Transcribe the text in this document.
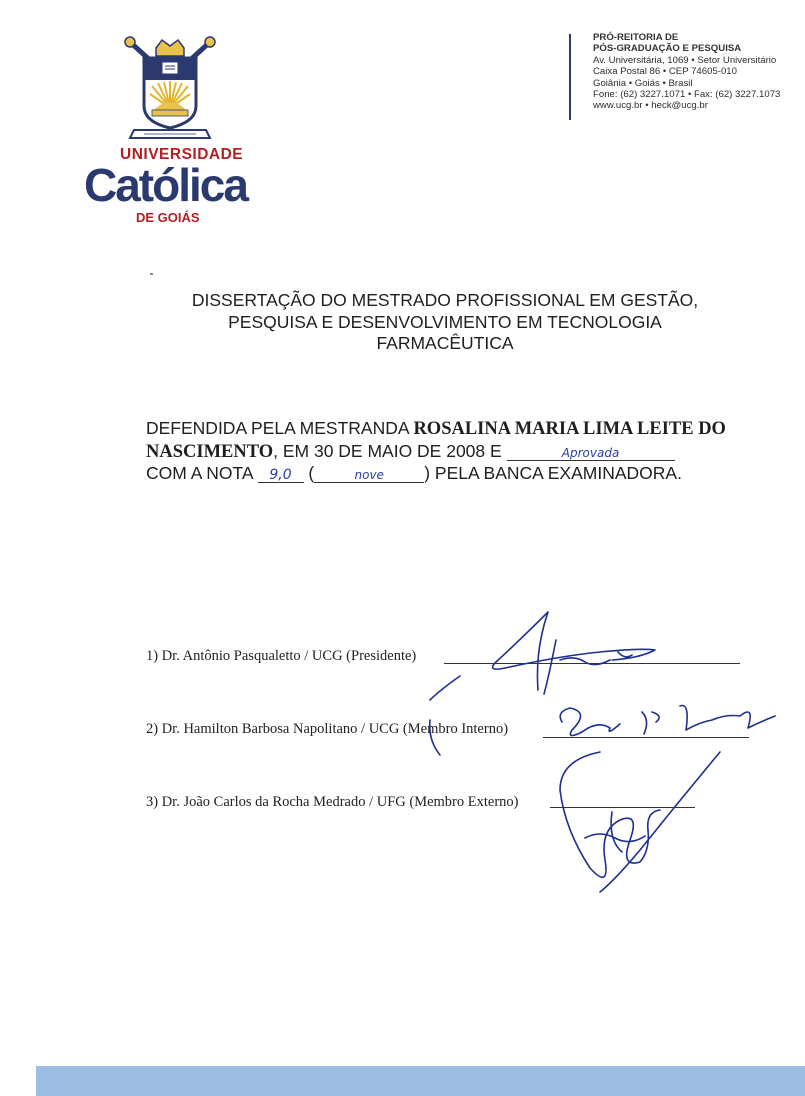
UNIVERSIDADE
Católica
DE GOIÁS
PRÓ-REITORIA DE
PÓS-GRADUAÇÃO E PESQUISA
Av. Universitária, 1069 • Setor Universitário
Caixa Postal 86 • CEP 74605-010
Goiânia • Goiás • Brasil
Fone: (62) 3227.1071 • Fax: (62) 3227.1073
www.ucg.br • heck@ucg.br
DISSERTAÇÃO DO MESTRADO PROFISSIONAL EM GESTÃO,
PESQUISA E DESENVOLVIMENTO EM TECNOLOGIA
FARMACÊUTICA
DEFENDIDA PELA MESTRANDA ROSALINA MARIA LIMA LEITE DO NASCIMENTO, EM 30 DE MAIO DE 2008 E	Aprovada
COM A NOTA 9,0 (	nove ) PELA BANCA EXAMINADORA.
1) Dr. Antônio Pasqualetto / UCG (Presidente)
2) Dr. Hamilton Barbosa Napolitano / UCG (Membro Interno)
3) Dr. João Carlos da Rocha Medrado / UFG (Membro Externo)
